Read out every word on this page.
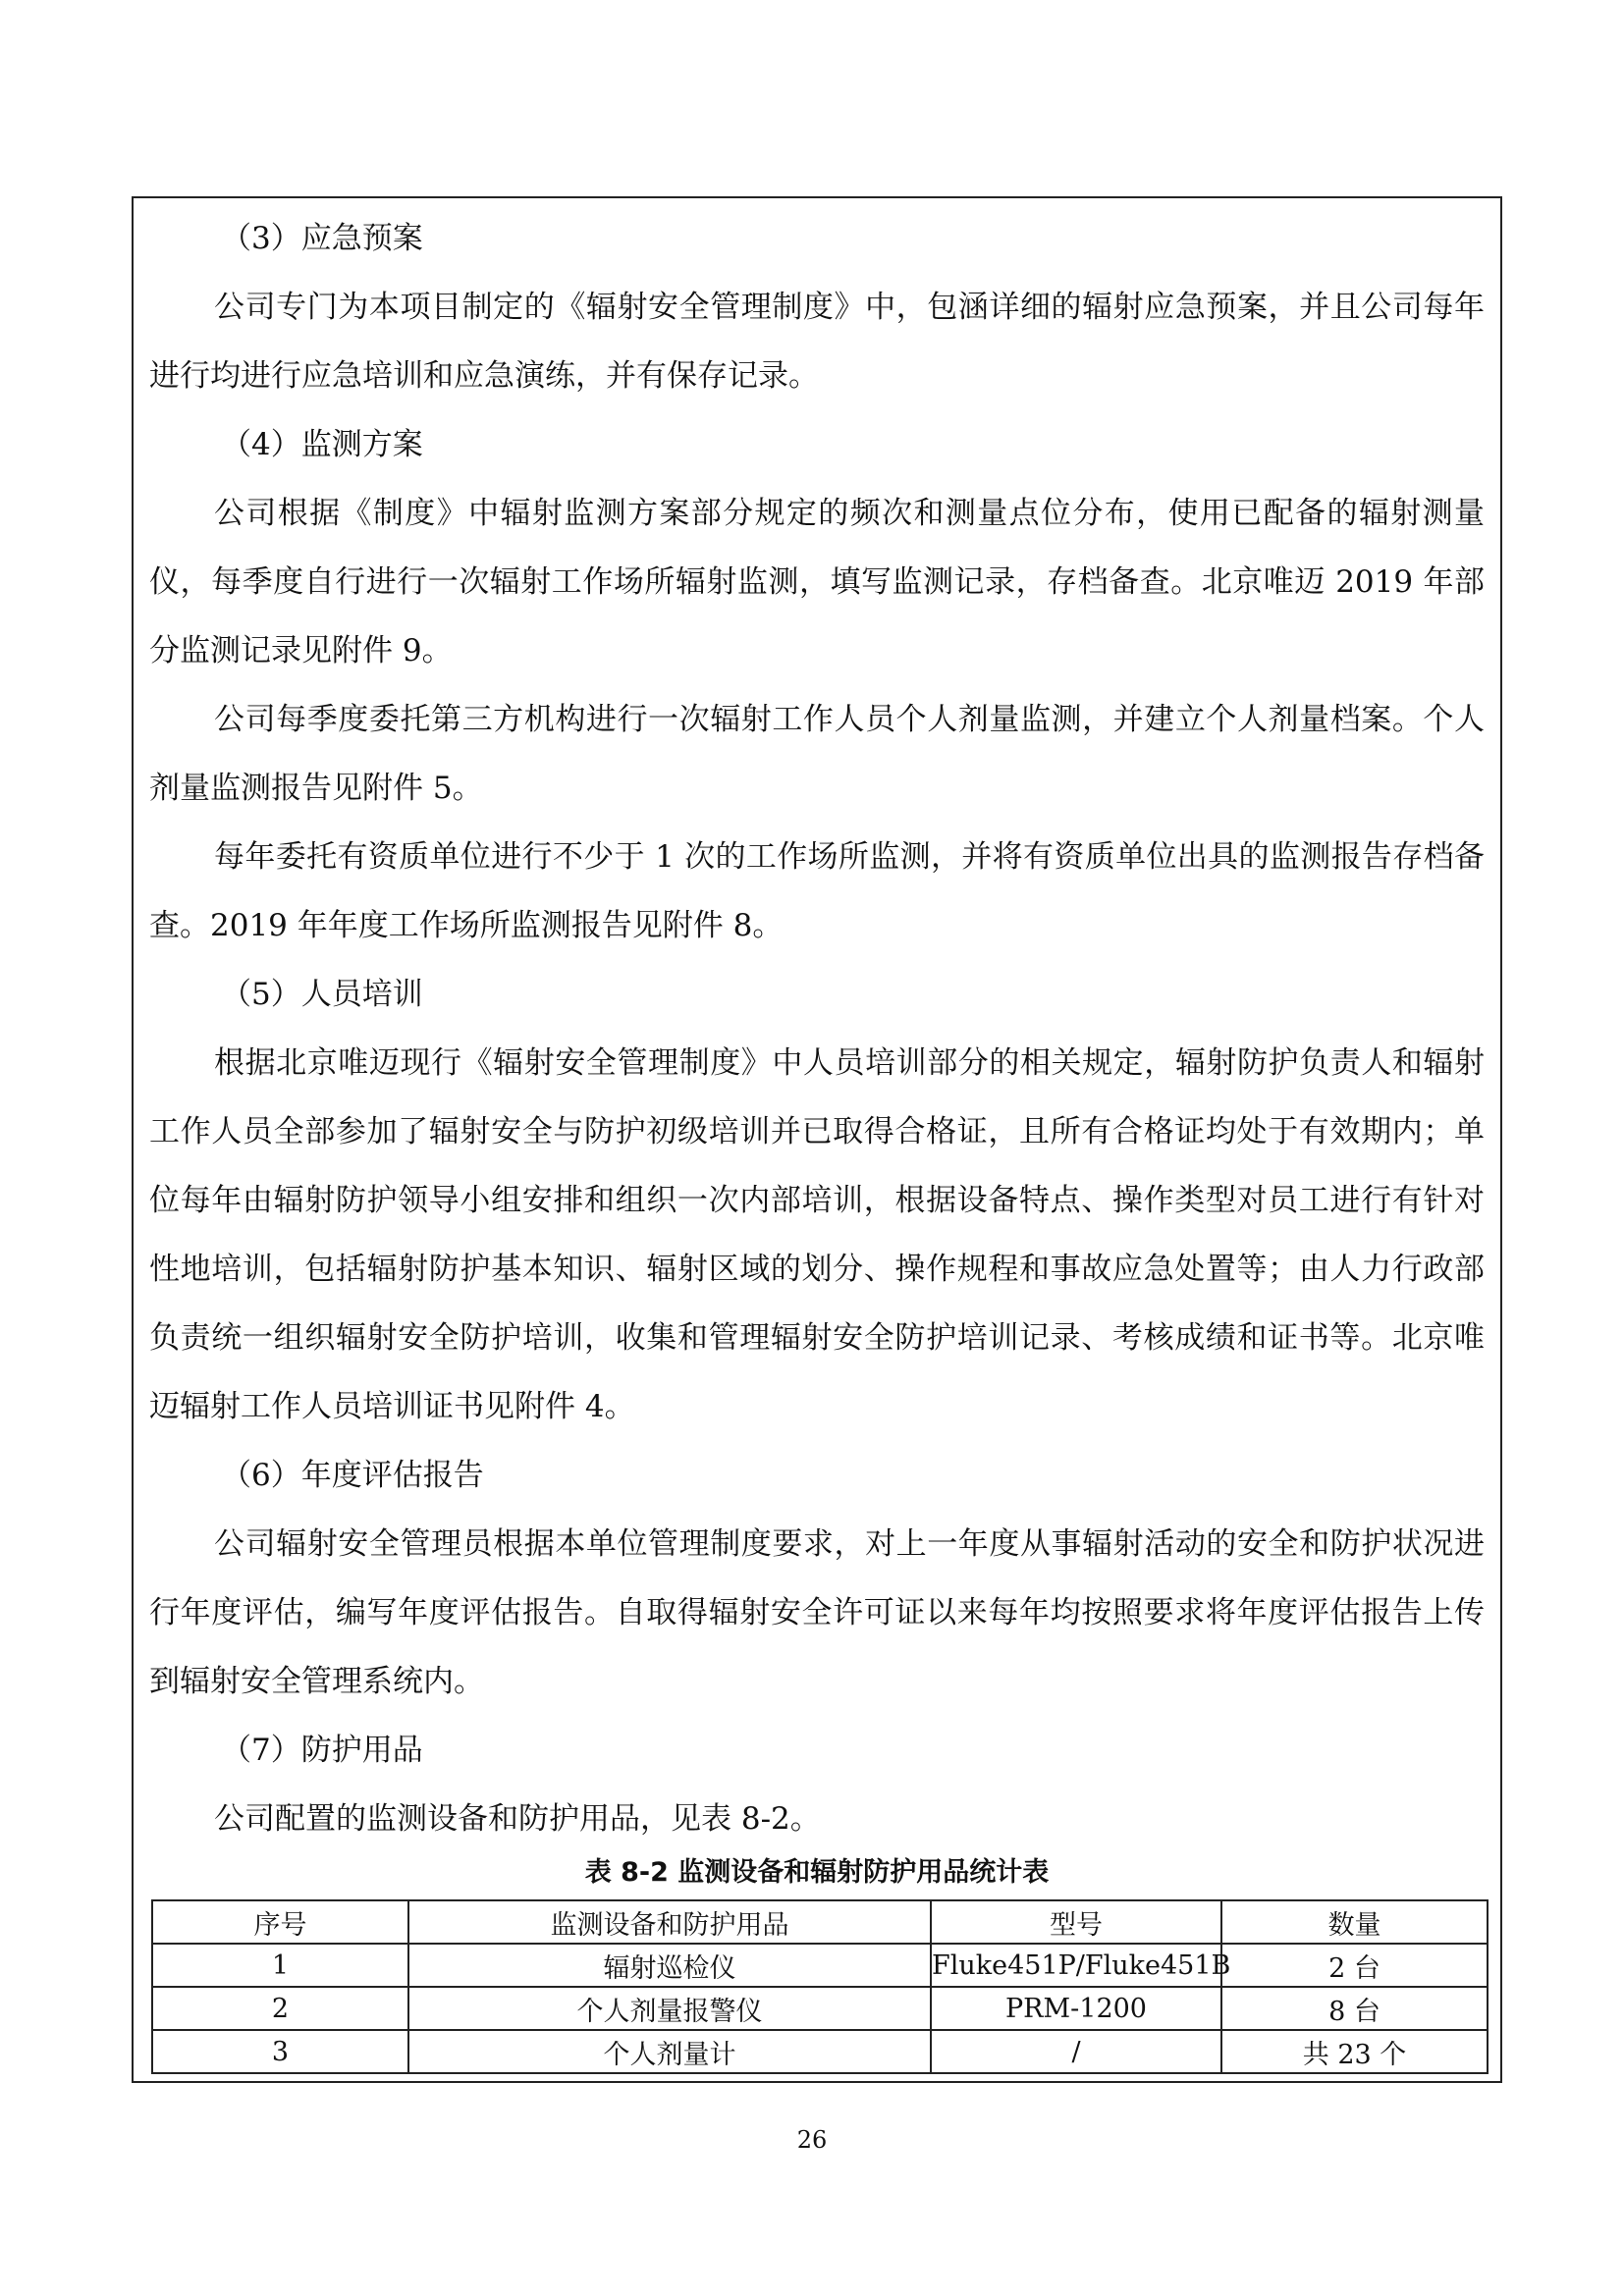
（3）应急预案

公司专门为本项目制定的《辐射安全管理制度》中，包涵详细的辐射应急预案，并且公司每年进行均进行应急培训和应急演练，并有保存记录。

（4）监测方案

公司根据《制度》中辐射监测方案部分规定的频次和测量点位分布，使用已配备的辐射测量仪，每季度自行进行一次辐射工作场所辐射监测，填写监测记录，存档备查。北京唯迈 2019 年部分监测记录见附件 9。

公司每季度委托第三方机构进行一次辐射工作人员个人剂量监测，并建立个人剂量档案。个人剂量监测报告见附件 5。

每年委托有资质单位进行不少于 1 次的工作场所监测，并将有资质单位出具的监测报告存档备查。2019 年年度工作场所监测报告见附件 8。

（5）人员培训

根据北京唯迈现行《辐射安全管理制度》中人员培训部分的相关规定，辐射防护负责人和辐射工作人员全部参加了辐射安全与防护初级培训并已取得合格证，且所有合格证均处于有效期内；单位每年由辐射防护领导小组安排和组织一次内部培训，根据设备特点、操作类型对员工进行有针对性地培训，包括辐射防护基本知识、辐射区域的划分、操作规程和事故应急处置等；由人力行政部负责统一组织辐射安全防护培训，收集和管理辐射安全防护培训记录、考核成绩和证书等。北京唯迈辐射工作人员培训证书见附件 4。

（6）年度评估报告

公司辐射安全管理员根据本单位管理制度要求，对上一年度从事辐射活动的安全和防护状况进行年度评估，编写年度评估报告。自取得辐射安全许可证以来每年均按照要求将年度评估报告上传到辐射安全管理系统内。

（7）防护用品

公司配置的监测设备和防护用品，见表 8-2。

表 8-2 监测设备和辐射防护用品统计表
序号	监测设备和防护用品	型号	数量
1	辐射巡检仪	Fluke451P/Fluke451B	2 台
2	个人剂量报警仪	PRM-1200	8 台
3	个人剂量计	/	共 23 个
26
